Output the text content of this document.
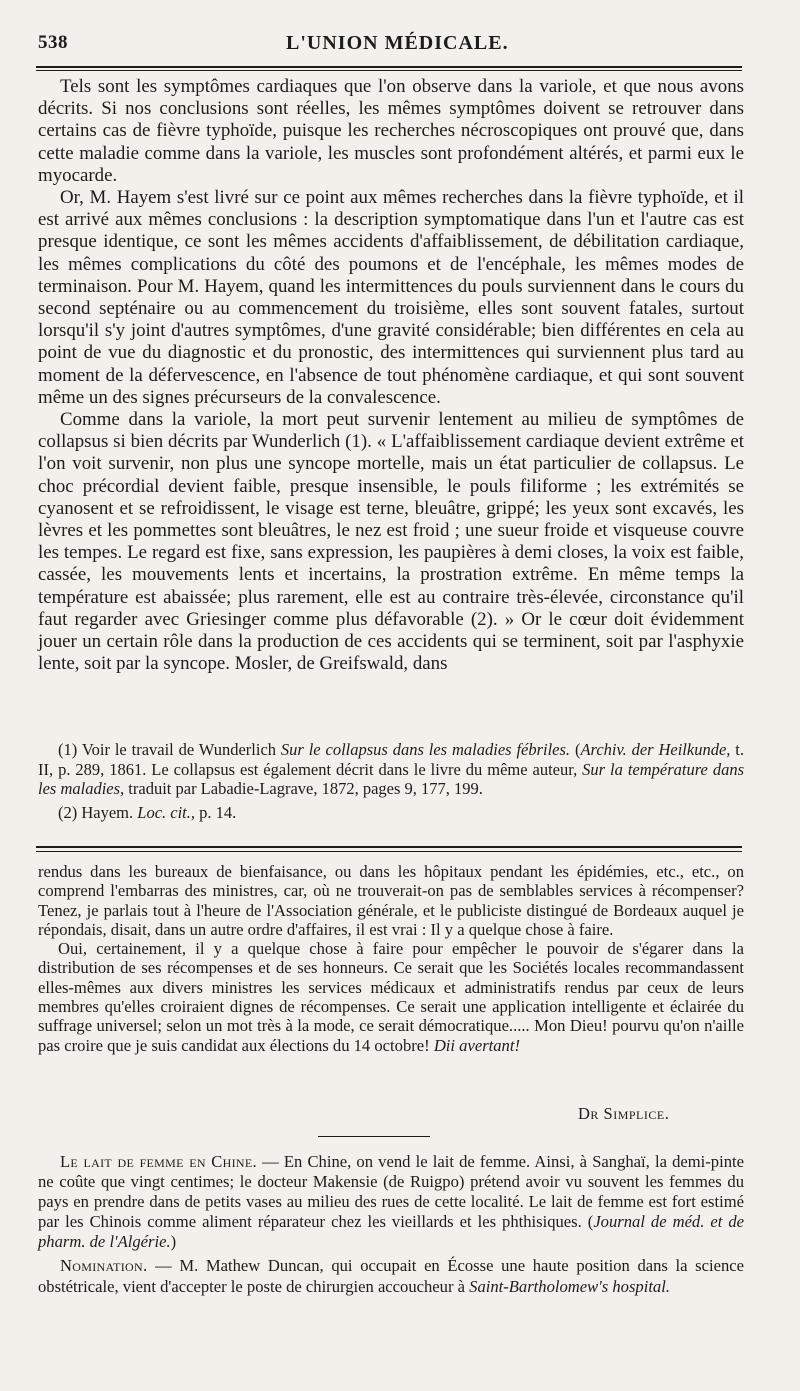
538	L'UNION MÉDICALE.

Tels sont les symptômes cardiaques que l'on observe dans la variole, et que nous avons décrits. Si nos conclusions sont réelles, les mêmes symptômes doivent se retrouver dans certains cas de fièvre typhoïde, puisque les recherches nécroscopiques ont prouvé que, dans cette maladie comme dans la variole, les muscles sont profondément altérés, et parmi eux le myocarde.

Or, M. Hayem s'est livré sur ce point aux mêmes recherches dans la fièvre typhoïde, et il est arrivé aux mêmes conclusions : la description symptomatique dans l'un et l'autre cas est presque identique, ce sont les mêmes accidents d'affaiblissement, de débilitation cardiaque, les mêmes complications du côté des poumons et de l'encéphale, les mêmes modes de terminaison. Pour M. Hayem, quand les intermittences du pouls surviennent dans le cours du second septénaire ou au commencement du troisième, elles sont souvent fatales, surtout lorsqu'il s'y joint d'autres symptômes, d'une gravité considérable; bien différentes en cela au point de vue du diagnostic et du pronostic, des intermittences qui surviennent plus tard au moment de la défervescence, en l'absence de tout phénomène cardiaque, et qui sont souvent même un des signes précurseurs de la convalescence.

Comme dans la variole, la mort peut survenir lentement au milieu de symptômes de collapsus si bien décrits par Wunderlich (1). « L'affaiblissement cardiaque devient extrême et l'on voit survenir, non plus une syncope mortelle, mais un état particulier de collapsus. Le choc précordial devient faible, presque insensible, le pouls filiforme ; les extrémités se cyanosent et se refroidissent, le visage est terne, bleuâtre, grippé; les yeux sont excavés, les lèvres et les pommettes sont bleuâtres, le nez est froid ; une sueur froide et visqueuse couvre les tempes. Le regard est fixe, sans expression, les paupières à demi closes, la voix est faible, cassée, les mouvements lents et incertains, la prostration extrême. En même temps la température est abaissée; plus rarement, elle est au contraire très-élevée, circonstance qu'il faut regarder avec Griesinger comme plus défavorable (2). » Or le cœur doit évidemment jouer un certain rôle dans la production de ces accidents qui se terminent, soit par l'asphyxie lente, soit par la syncope. Mosler, de Greifswald, dans

(1) Voir le travail de Wunderlich Sur le collapsus dans les maladies fébriles. (Archiv. der Heilkunde, t. II, p. 289, 1861. Le collapsus est également décrit dans le livre du même auteur, Sur la température dans les maladies, traduit par Labadie-Lagrave, 1872, pages 9, 177, 199.

(2) Hayem. Loc. cit., p. 14.

rendus dans les bureaux de bienfaisance, ou dans les hôpitaux pendant les épidémies, etc., etc., on comprend l'embarras des ministres, car, où ne trouverait-on pas de semblables services à récompenser? Tenez, je parlais tout à l'heure de l'Association générale, et le publiciste distingué de Bordeaux auquel je répondais, disait, dans un autre ordre d'affaires, il est vrai : Il y a quelque chose à faire.

Oui, certainement, il y a quelque chose à faire pour empêcher le pouvoir de s'égarer dans la distribution de ses récompenses et de ses honneurs. Ce serait que les Sociétés locales recommandassent elles-mêmes aux divers ministres les services médicaux et administratifs rendus par ceux de leurs membres qu'elles croiraient dignes de récompenses. Ce serait une application intelligente et éclairée du suffrage universel; selon un mot très à la mode, ce serait démocratique..... Mon Dieu! pourvu qu'on n'aille pas croire que je suis candidat aux élections du 14 octobre! Dii avertant!

Dr Simplice.

Le lait de femme en Chine. — En Chine, on vend le lait de femme. Ainsi, à Sanghaï, la demi-pinte ne coûte que vingt centimes; le docteur Makensie (de Ruigpo) prétend avoir vu souvent les femmes du pays en prendre dans de petits vases au milieu des rues de cette localité. Le lait de femme est fort estimé par les Chinois comme aliment réparateur chez les vieillards et les phthisiques. (Journal de méd. et de pharm. de l'Algérie.)

Nomination. — M. Mathew Duncan, qui occupait en Écosse une haute position dans la science obstétricale, vient d'accepter le poste de chirurgien accoucheur à Saint-Bartholomew's hospital.
